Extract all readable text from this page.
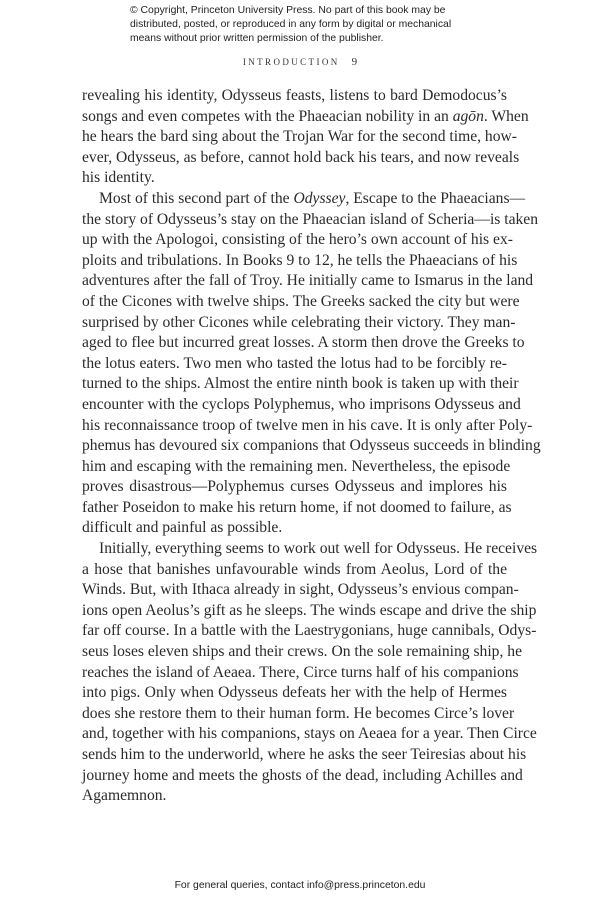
© Copyright, Princeton University Press. No part of this book may be
distributed, posted, or reproduced in any form by digital or mechanical
means without prior written permission of the publisher.
INTRODUCTION 9
revealing his identity, Odysseus feasts, listens to bard Demodocus’s
songs and even competes with the Phaeacian nobility in an agōn. When
he hears the bard sing about the Trojan War for the second time, how-
ever, Odysseus, as before, cannot hold back his tears, and now reveals
his identity.
Most of this second part of the Odyssey, Escape to the Phaeacians—
the story of Odysseus’s stay on the Phaeacian island of Scheria—is taken
up with the Apologoi, consisting of the hero’s own account of his ex-
ploits and tribulations. In Books 9 to 12, he tells the Phaeacians of his
adventures after the fall of Troy. He initially came to Ismarus in the land
of the Cicones with twelve ships. The Greeks sacked the city but were
surprised by other Cicones while celebrating their victory. They man-
aged to flee but incurred great losses. A storm then drove the Greeks to
the lotus eaters. Two men who tasted the lotus had to be forcibly re-
turned to the ships. Almost the entire ninth book is taken up with their
encounter with the cyclops Polyphemus, who imprisons Odysseus and
his reconnaissance troop of twelve men in his cave. It is only after Poly-
phemus has devoured six companions that Odysseus succeeds in blinding
him and escaping with the remaining men. Nevertheless, the episode
proves disastrous—Polyphemus curses Odysseus and implores his
father Poseidon to make his return home, if not doomed to failure, as
difficult and painful as possible.
Initially, everything seems to work out well for Odysseus. He receives
a hose that banishes unfavourable winds from Aeolus, Lord of the
Winds. But, with Ithaca already in sight, Odysseus’s envious compan-
ions open Aeolus’s gift as he sleeps. The winds escape and drive the ship
far off course. In a battle with the Laestrygonians, huge cannibals, Odys-
seus loses eleven ships and their crews. On the sole remaining ship, he
reaches the island of Aeaea. There, Circe turns half of his companions
into pigs. Only when Odysseus defeats her with the help of Hermes
does she restore them to their human form. He becomes Circe’s lover
and, together with his companions, stays on Aeaea for a year. Then Circe
sends him to the underworld, where he asks the seer Teiresias about his
journey home and meets the ghosts of the dead, including Achilles and
Agamemnon.
For general queries, contact info@press.princeton.edu
